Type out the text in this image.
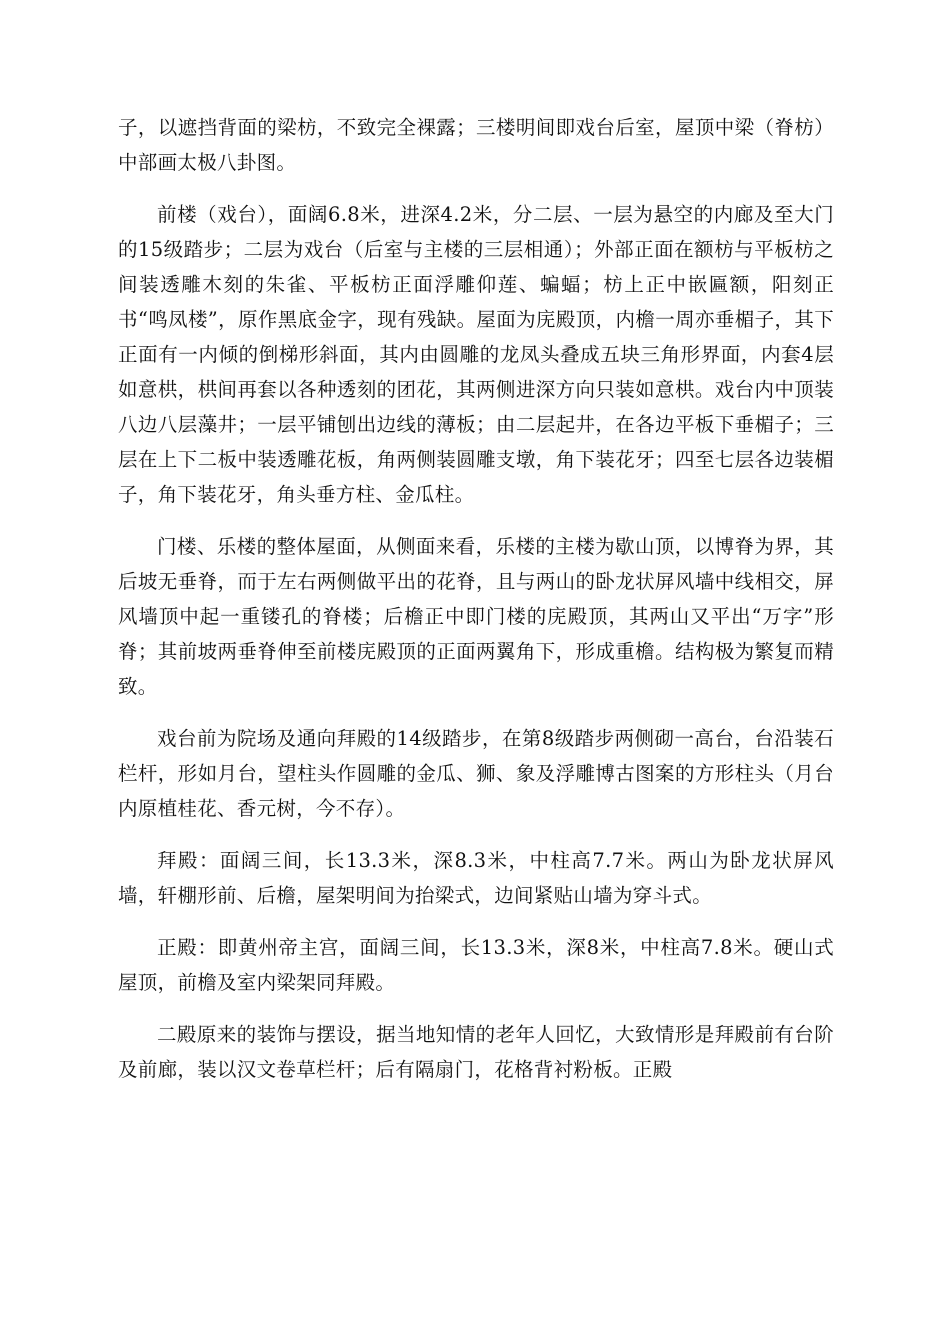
子，以遮挡背面的梁枋，不致完全裸露；三楼明间即戏台后室，屋顶中梁（脊枋）中部画太极八卦图。

前楼（戏台），面阔6.8米，进深4.2米，分二层、一层为悬空的内廊及至大门的15级踏步；二层为戏台（后室与主楼的三层相通）；外部正面在额枋与平板枋之间装透雕木刻的朱雀、平板枋正面浮雕仰莲、蝙蝠；枋上正中嵌匾额，阳刻正书“鸣凤楼”，原作黑底金字，现有残缺。屋面为庑殿顶，内檐一周亦垂楣子，其下正面有一内倾的倒梯形斜面，其内由圆雕的龙凤头叠成五块三角形界面，内套4层如意栱，栱间再套以各种透刻的团花，其两侧进深方向只装如意栱。戏台内中顶装八边八层藻井；一层平铺刨出边线的薄板；由二层起井，在各边平板下垂楣子；三层在上下二板中装透雕花板，角两侧装圆雕支墩，角下装花牙；四至七层各边装楣子，角下装花牙，角头垂方柱、金瓜柱。

门楼、乐楼的整体屋面，从侧面来看，乐楼的主楼为歇山顶，以博脊为界，其后坡无垂脊，而于左右两侧做平出的花脊，且与两山的卧龙状屏风墙中线相交，屏风墙顶中起一重镂孔的脊楼；后檐正中即门楼的庑殿顶，其两山又平出“万字”形脊；其前坡两垂脊伸至前楼庑殿顶的正面两翼角下，形成重檐。结构极为繁复而精致。

戏台前为院场及通向拜殿的14级踏步，在第8级踏步两侧砌一高台，台沿装石栏杆，形如月台，望柱头作圆雕的金瓜、狮、象及浮雕博古图案的方形柱头（月台内原植桂花、香元树，今不存）。

拜殿：面阔三间，长13.3米，深8.3米，中柱高7.7米。两山为卧龙状屏风墙，轩棚形前、后檐，屋架明间为抬梁式，边间紧贴山墙为穿斗式。

正殿：即黄州帝主宫，面阔三间，长13.3米，深8米，中柱高7.8米。硬山式屋顶，前檐及室内梁架同拜殿。

二殿原来的装饰与摆设，据当地知情的老年人回忆，大致情形是拜殿前有台阶及前廊，装以汉文卷草栏杆；后有隔扇门，花格背衬粉板。正殿
